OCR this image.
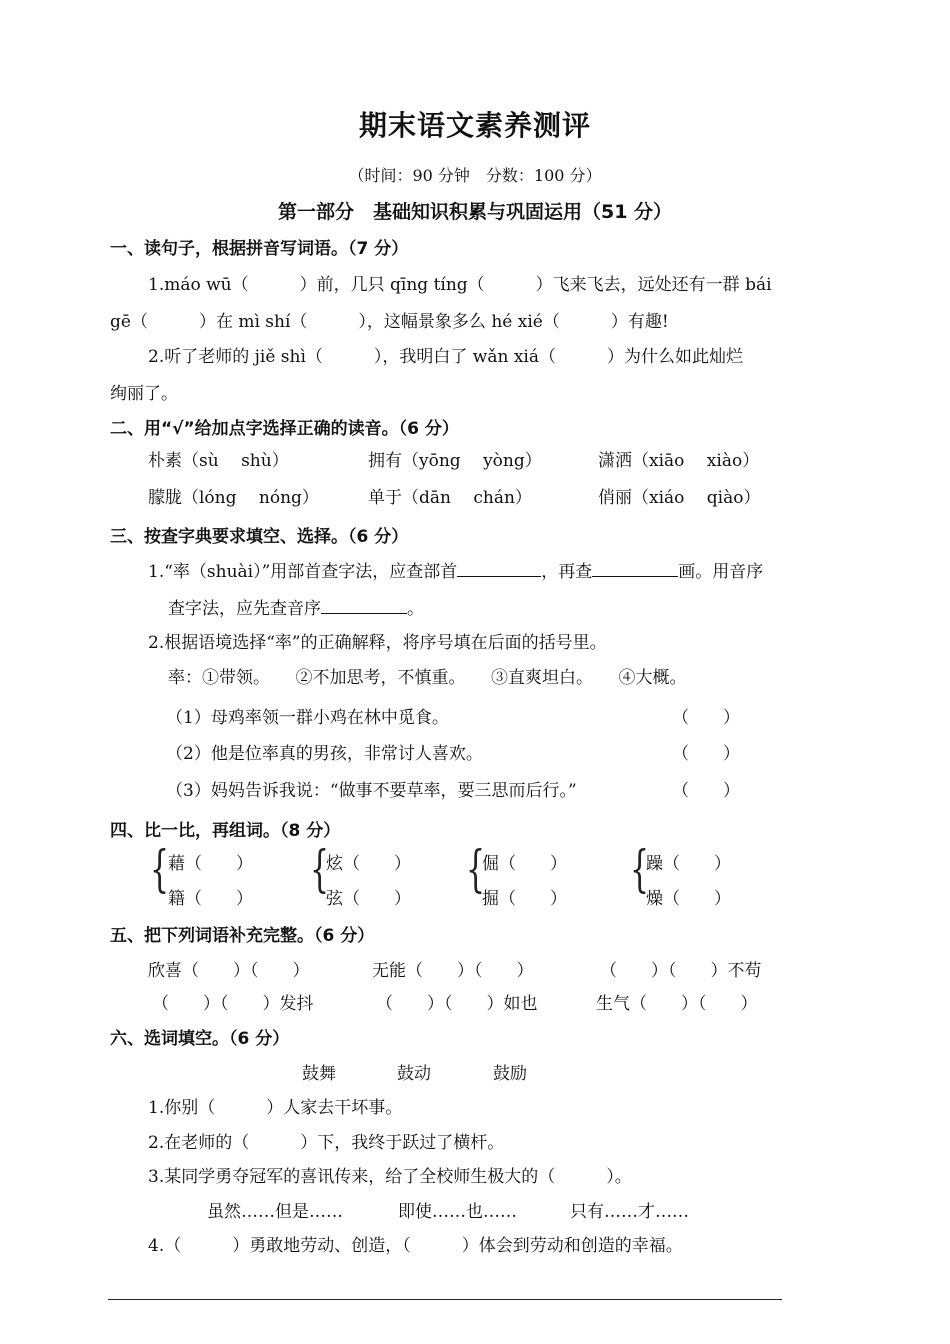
期末语文素养测评
（时间：90 分钟　分数：100 分）
第一部分　基础知识积累与巩固运用（51 分）
一、读句子，根据拼音写词语。（7 分）
1.máo wū（　　　）前，几只 qīng tíng（　　　）飞来飞去，远处还有一群 bái
gē（　　　）在 mì shí（　　　），这幅景象多么 hé xié（　　　）有趣!
2.听了老师的 jiě shì（　　　），我明白了 wǎn xiá（　　　）为什么如此灿烂
绚丽了。
二、用“√”给加点字选择正确的读音。（6 分）
朴素（sù　 shù）	拥有（yōng　 yòng）	潇洒（xiāo　 xiào）
朦胧（lóng　 nóng）	单于（dān　 chán）	俏丽（xiáo　 qiào）
三、按查字典要求填空、选择。（6 分）
1.“率（shuài）”用部首查字法，应查部首	，再查	画。用音序
查字法，应先查音序	。
2.根据语境选择“率”的正确解释，将序号填在后面的括号里。
率：①带领。　　②不加思考，不慎重。　　③直爽坦白。　　④大概。
（1）母鸡率领一群小鸡在林中觅食。	（　　）
（2）他是位率真的男孩，非常讨人喜欢。	（　　）
（3）妈妈告诉我说：“做事不要草率，要三思而后行。”	（　　）
四、比一比，再组词。（8 分）
{
藉（　　）
籍（　　）
{
炫（　　）
弦（　　）
{
倔（　　）
掘（　　）
{
躁（　　）
燥（　　）
五、把下列词语补充完整。（6 分）
欣喜（　　）（　　）	无能（　　）（　　）	（　　）（　　）不苟
（　　）（　　）发抖	（　　）（　　）如也	生气（　　）（　　）
六、选词填空。（6 分）
鼓舞	鼓动	鼓励
1.你别（　　　）人家去干坏事。
2.在老师的（　　　）下，我终于跃过了横杆。
3.某同学勇夺冠军的喜讯传来，给了全校师生极大的（　　　）。
虽然……但是……	即使……也……	只有……才……
4.（　　　）勇敢地劳动、创造，（　　　）体会到劳动和创造的幸福。
